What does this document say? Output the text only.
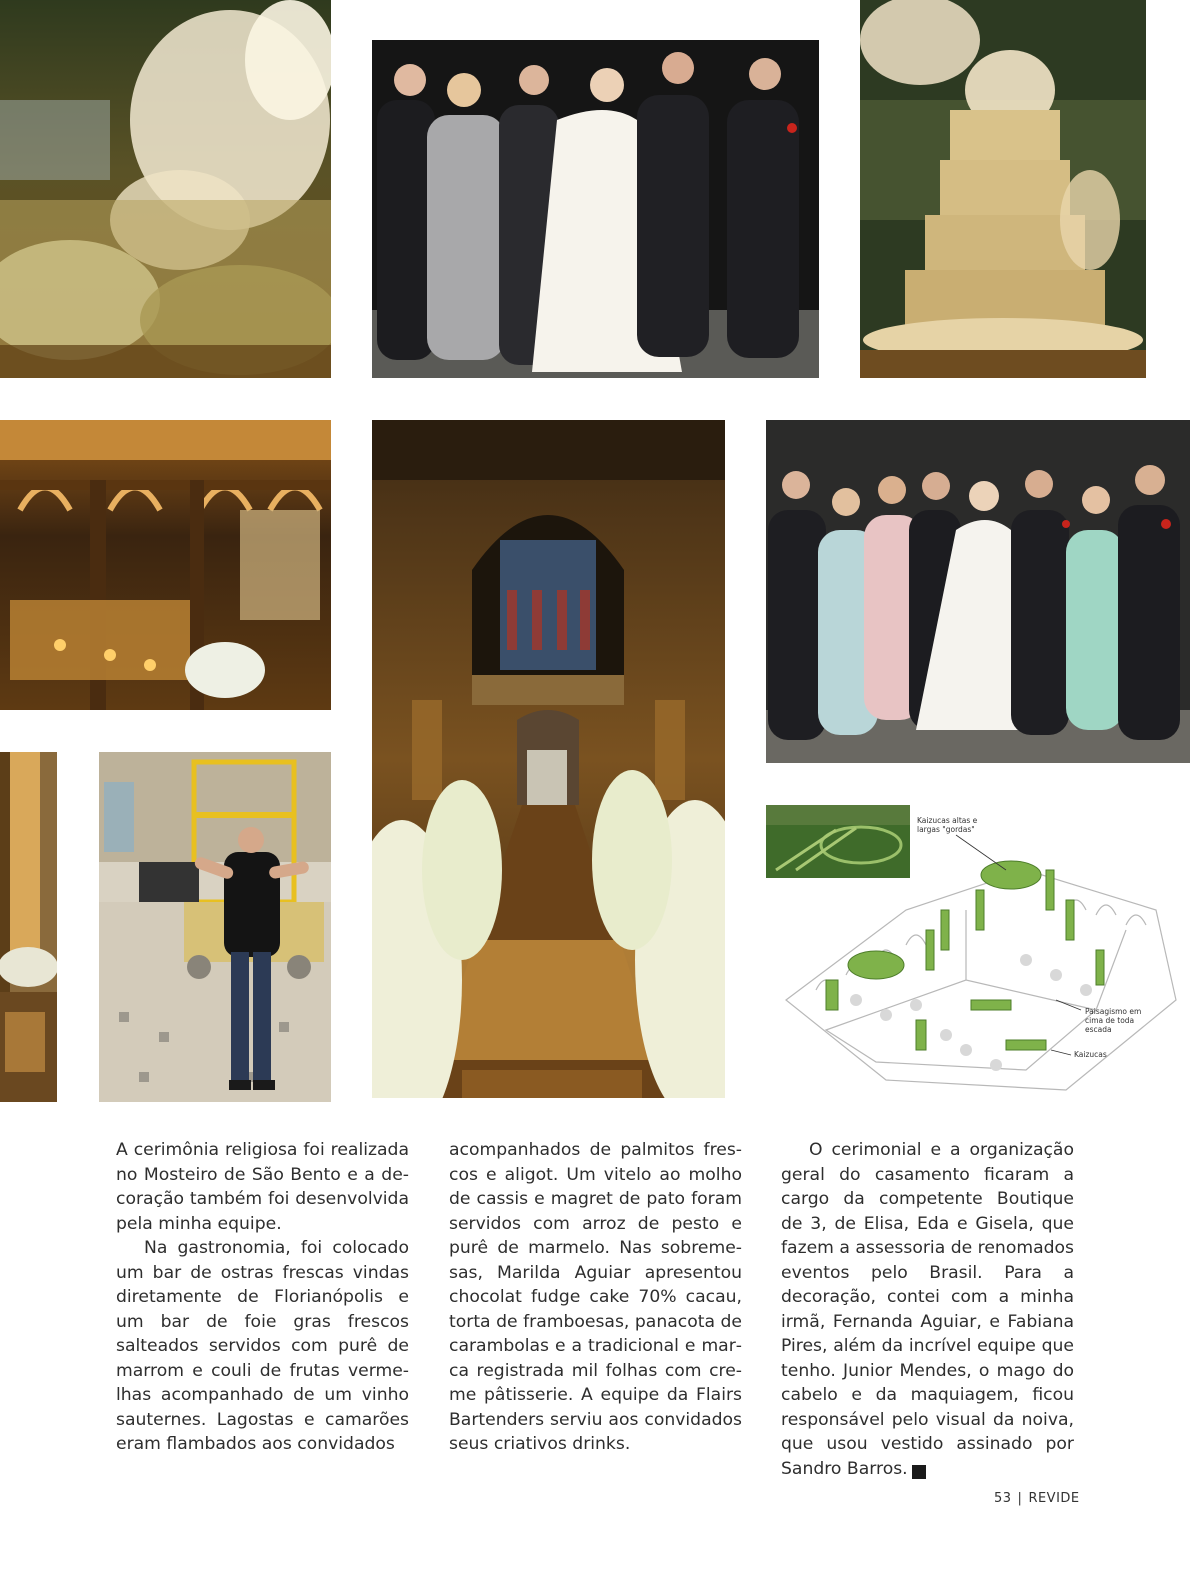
Kaizucas altas e largas "gordas"
Paisagismo em cima de toda escada
Kaizucas

A cerimônia religiosa foi realizada no Mosteiro de São Bento e a decoração também foi desenvolvida pela minha equipe.

Na gastronomia, foi colocado um bar de ostras frescas vindas diretamente de Florianópolis e um bar de foie gras frescos salteados servidos com purê de marrom e couli de frutas vermelhas acompanhado de um vinho sauternes. Lagostas e camarões eram flambados aos convidados

acompanhados de palmitos frescos e aligot. Um vitelo ao molho de cassis e magret de pato foram servidos com arroz de pesto e purê de marmelo. Nas sobremesas, Marilda Aguiar apresentou chocolat fudge cake 70% cacau, torta de framboesas, panacota de carambolas e a tradicional e marca registrada mil folhas com creme pâtisserie. A equipe da Flairs Bartenders serviu aos convidados seus criativos drinks.

O cerimonial e a organização geral do casamento ficaram a cargo da competente Boutique de 3, de Elisa, Eda e Gisela, que fazem a assessoria de renomados eventos pelo Brasil. Para a decoração, contei com a minha irmã, Fernanda Aguiar, e Fabiana Pires, além da incrível equipe que tenho. Junior Mendes, o mago do cabelo e da maquiagem, ficou responsável pelo visual da noiva, que usou vestido assinado por Sandro Barros.	r

53 | REVIDE
